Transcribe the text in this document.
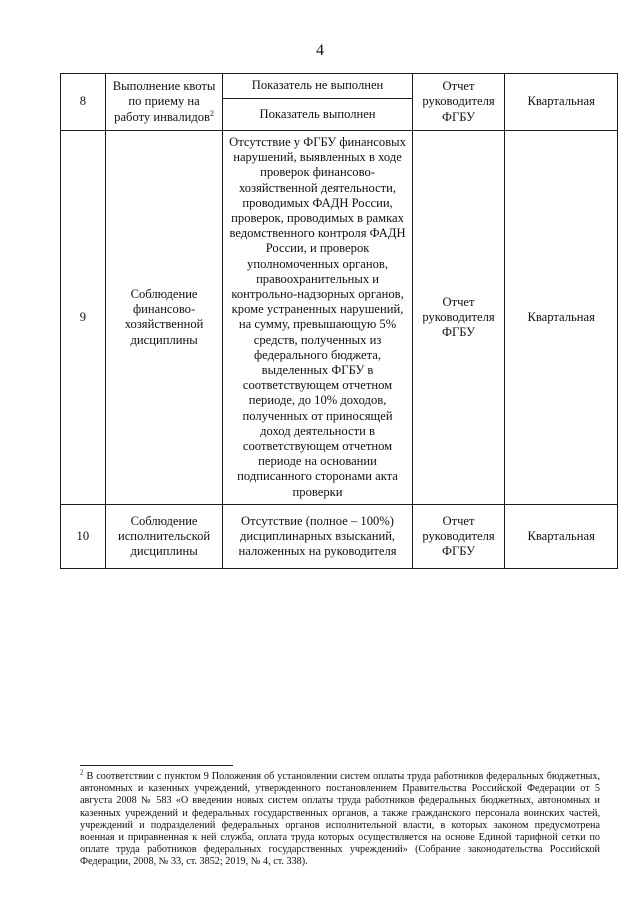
4
8	Выполнение квоты по приему на работу инвалидов$^2$	Показатель не выполнен	Отчет руководителя ФГБУ	Квартальная
		Показатель выполнен		
9	Соблюдение финансово-хозяйственной дисциплины	Отсутствие у ФГБУ финансовых нарушений, выявленных в ходе проверок финансово-хозяйственной деятельности, проводимых ФАДН России, проверок, проводимых в рамках ведомственного контроля ФАДН России, и проверок уполномоченных органов, правоохранительных и контрольно-надзорных органов, кроме устраненных нарушений, на сумму, превышающую 5% средств, полученных из федерального бюджета, выделенных ФГБУ в соответствующем отчетном периоде, до 10% доходов, полученных от приносящей доход деятельности в соответствующем отчетном периоде на основании подписанного сторонами акта проверки	Отчет руководителя ФГБУ	Квартальная
10	Соблюдение исполнительской дисциплины	Отсутствие (полное – 100%) дисциплинарных взысканий, наложенных на руководителя	Отчет руководителя ФГБУ	Квартальная
$^2$ В соответствии с пунктом 9 Положения об установлении систем оплаты труда работников федеральных бюджетных, автономных и казенных учреждений, утвержденного постановлением Правительства Российской Федерации от 5 августа 2008 № 583 «О введении новых систем оплаты труда работников федеральных бюджетных, автономных и казенных учреждений и федеральных государственных органов, а также гражданского персонала воинских частей, учреждений и подразделений федеральных органов исполнительной власти, в которых законом предусмотрена военная и приравненная к ней служба, оплата труда которых осуществляется на основе Единой тарифной сетки по оплате труда работников федеральных государственных учреждений» (Собрание законодательства Российской Федерации, 2008, № 33, ст. 3852; 2019, № 4, ст. 338).
